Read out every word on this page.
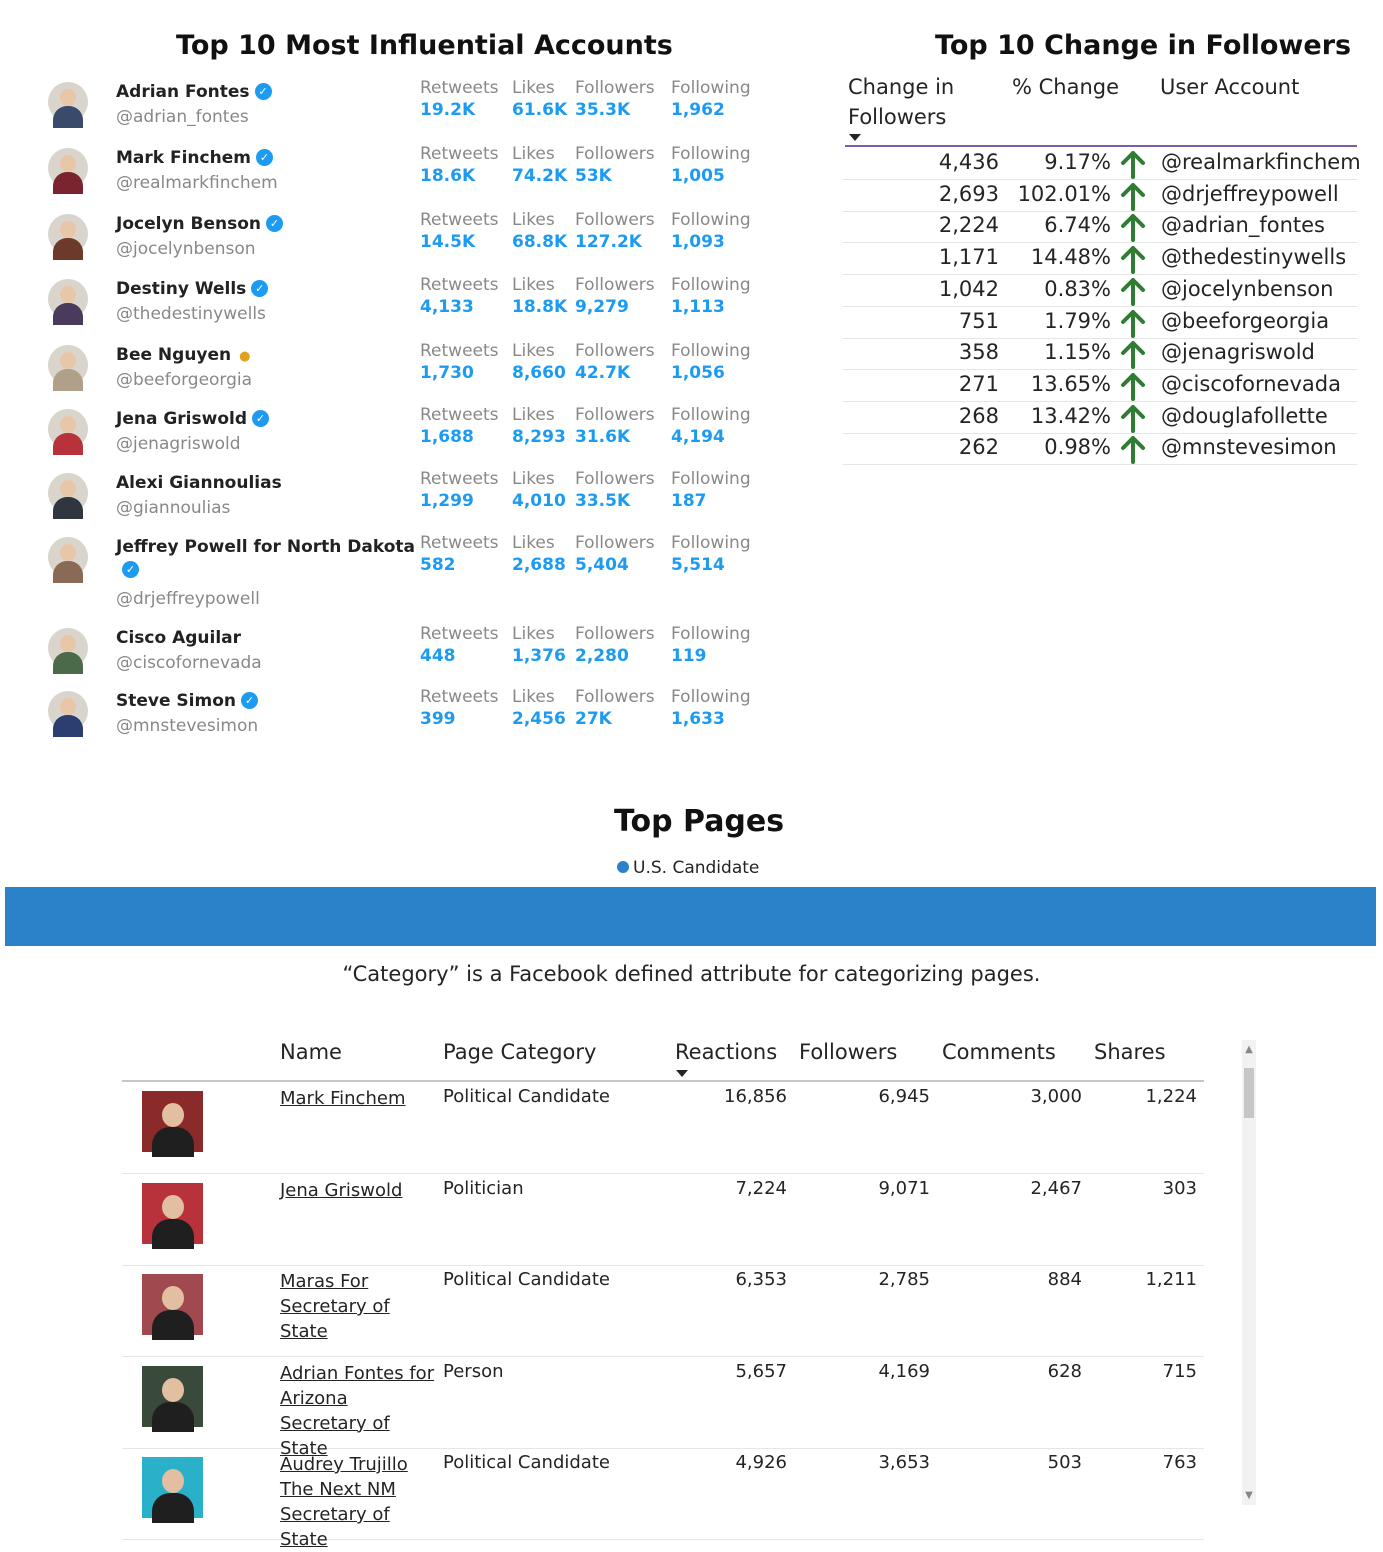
Top 10 Most Influential Accounts
Adrian Fontes ✓
@adrian_fontes
Retweets
19.2K
Likes
61.6K
Followers
35.3K
Following
1,962
Mark Finchem ✓
@realmarkfinchem
Retweets
18.6K
Likes
74.2K
Followers
53K
Following
1,005
Jocelyn Benson ✓
@jocelynbenson
Retweets
14.5K
Likes
68.8K
Followers
127.2K
Following
1,093
Destiny Wells ✓
@thedestinywells
Retweets
4,133
Likes
18.8K
Followers
9,279
Following
1,113
Bee Nguyen ●
@beeforgeorgia
Retweets
1,730
Likes
8,660
Followers
42.7K
Following
1,056
Jena Griswold ✓
@jenagriswold
Retweets
1,688
Likes
8,293
Followers
31.6K
Following
4,194
Alexi Giannoulias
@giannoulias
Retweets
1,299
Likes
4,010
Followers
33.5K
Following
187
Jeffrey Powell for North Dakota
✓
@drjeffreypowell
Retweets
582
Likes
2,688
Followers
5,404
Following
5,514
Cisco Aguilar
@ciscofornevada
Retweets
448
Likes
1,376
Followers
2,280
Following
119
Steve Simon ✓
@mnstevesimon
Retweets
399
Likes
2,456
Followers
27K
Following
1,633
Top 10 Change in Followers
Change in
Followers
% Change User Account
4,436 9.17% @realmarkfinchem
2,693 102.01% @drjeffreypowell
2,224 6.74% @adrian_fontes
1,171 14.48% @thedestinywells
1,042 0.83% @jocelynbenson
751 1.79% @beeforgeorgia
358 1.15% @jenagriswold
271 13.65% @ciscofornevada
268 13.42% @douglafollette
262 0.98% @mnstevesimon
Top Pages
U.S. Candidate
“Category” is a Facebook defined attribute for categorizing pages.
Name	Page Category	Reactions Followers Comments Shares
Mark Finchem	Political Candidate	16,856	6,945	3,000	1,224
Jena Griswold	Politician	7,224	9,071	2,467	303
Maras For Secretary of State
Political Candidate	6,353	2,785	884	1,211
Adrian Fontes for Arizona Secretary of State
Person	5,657	4,169	628	715
Audrey Trujillo The Next NM Secretary of State
Political Candidate	4,926	3,653	503	763
▲
▼
